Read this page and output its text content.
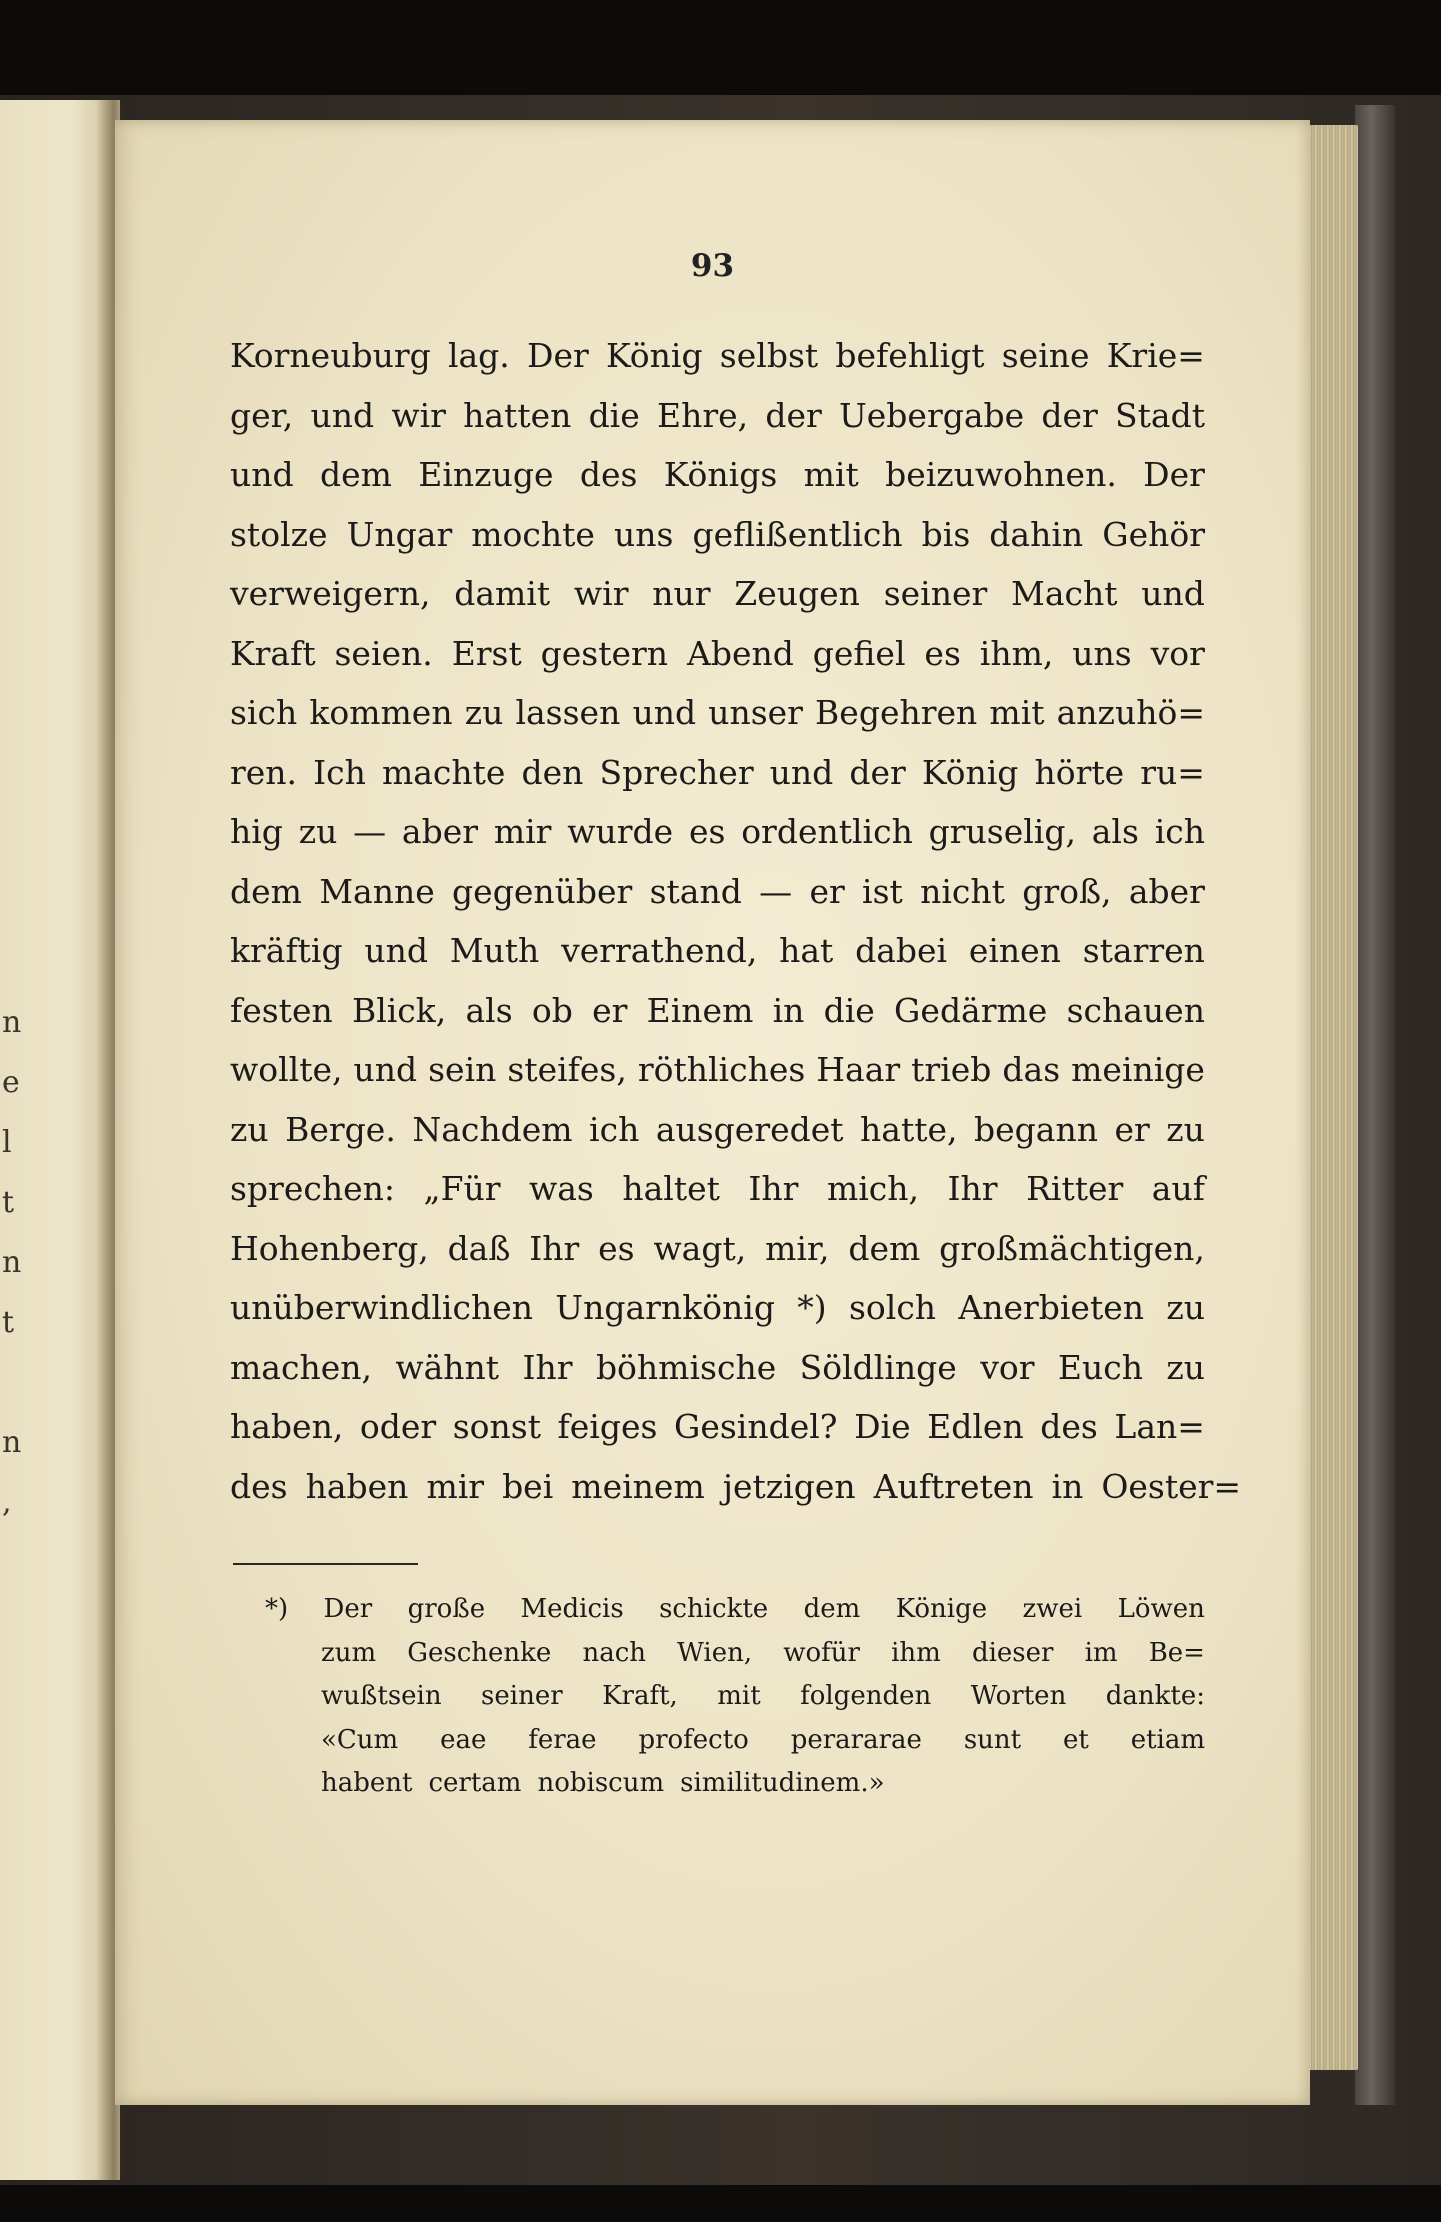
n
e
l
t
n
t
n
,
93
Korneuburg lag. Der König selbst befehligt seine Krie=
ger, und wir hatten die Ehre, der Uebergabe der Stadt
und dem Einzuge des Königs mit beizuwohnen. Der
stolze Ungar mochte uns geflißentlich bis dahin Gehör
verweigern, damit wir nur Zeugen seiner Macht und
Kraft seien. Erst gestern Abend gefiel es ihm, uns vor
sich kommen zu lassen und unser Begehren mit anzuhö=
ren. Ich machte den Sprecher und der König hörte ru=
hig zu — aber mir wurde es ordentlich gruselig, als ich
dem Manne gegenüber stand — er ist nicht groß, aber
kräftig und Muth verrathend, hat dabei einen starren
festen Blick, als ob er Einem in die Gedärme schauen
wollte, und sein steifes, röthliches Haar trieb das meinige
zu Berge. Nachdem ich ausgeredet hatte, begann er zu
sprechen: „Für was haltet Ihr mich, Ihr Ritter auf
Hohenberg, daß Ihr es wagt, mir, dem großmächtigen,
unüberwindlichen Ungarnkönig *) solch Anerbieten zu
machen, wähnt Ihr böhmische Söldlinge vor Euch zu
haben, oder sonst feiges Gesindel? Die Edlen des Lan=
des haben mir bei meinem jetzigen Auftreten in Oester=
*) Der große Medicis schickte dem Könige zwei Löwen
zum Geschenke nach Wien, wofür ihm dieser im Be=
wußtsein seiner Kraft, mit folgenden Worten dankte:
«Cum eae ferae profecto perararae sunt et etiam
habent certam nobiscum similitudinem.»
